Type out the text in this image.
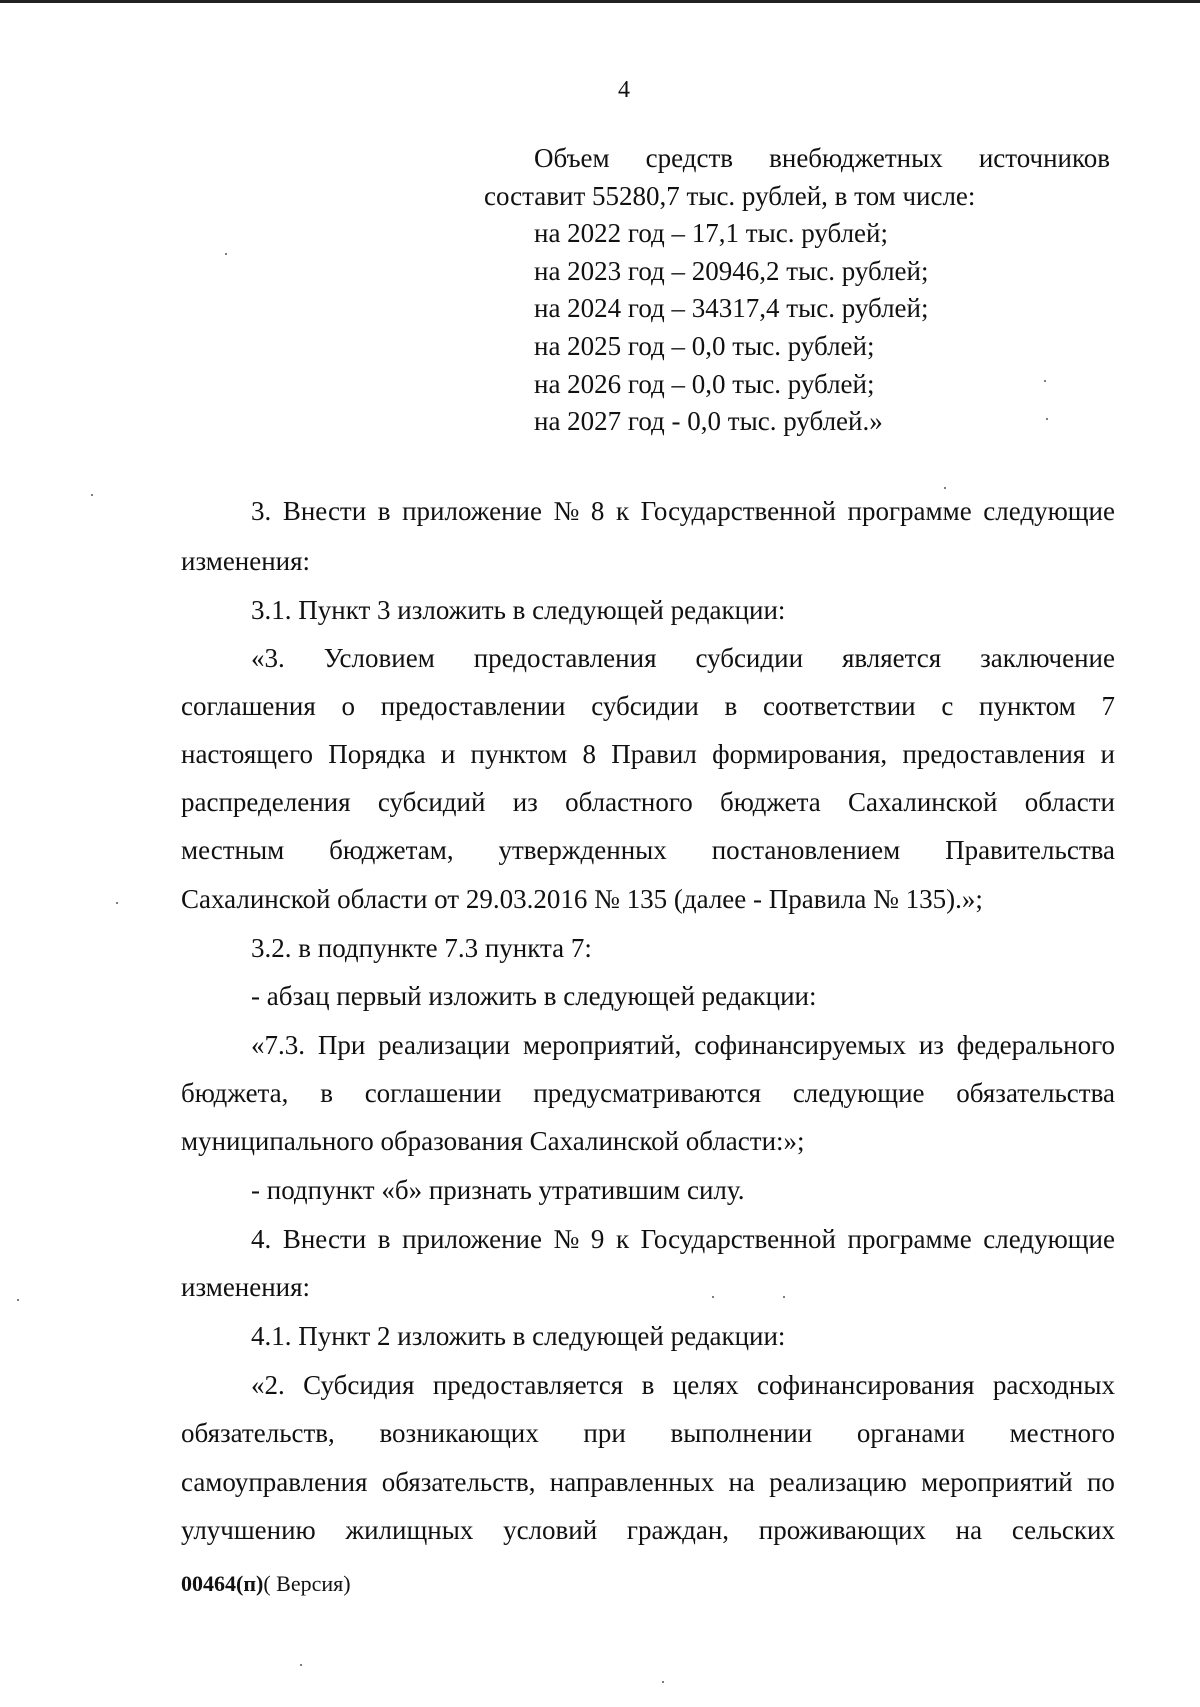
4
Объем средств внебюджетных источников
составит 55280,7 тыс. рублей, в том числе:
на 2022 год – 17,1 тыс. рублей;
на 2023 год – 20946,2 тыс. рублей;
на 2024 год – 34317,4 тыс. рублей;
на 2025 год – 0,0 тыс. рублей;
на 2026 год – 0,0 тыс. рублей;
на 2027 год - 0,0 тыс. рублей.»
3. Внести в приложение № 8 к Государственной программе следующие
изменения:
3.1. Пункт 3 изложить в следующей редакции:
«3. Условием предоставления субсидии является заключение
соглашения о предоставлении субсидии в соответствии с пунктом 7
настоящего Порядка и пунктом 8 Правил формирования, предоставления и
распределения субсидий из областного бюджета Сахалинской области
местным бюджетам, утвержденных постановлением Правительства
Сахалинской области от 29.03.2016 № 135 (далее - Правила № 135).»;
3.2. в подпункте 7.3 пункта 7:
- абзац первый изложить в следующей редакции:
«7.3. При реализации мероприятий, софинансируемых из федерального
бюджета, в соглашении предусматриваются следующие обязательства
муниципального образования Сахалинской области:»;
- подпункт «б» признать утратившим силу.
4. Внести в приложение № 9 к Государственной программе следующие
изменения:
4.1. Пункт 2 изложить в следующей редакции:
«2. Субсидия предоставляется в целях софинансирования расходных
обязательств, возникающих при выполнении органами местного
самоуправления обязательств, направленных на реализацию мероприятий по
улучшению жилищных условий граждан, проживающих на сельских
00464(п)( Версия)
